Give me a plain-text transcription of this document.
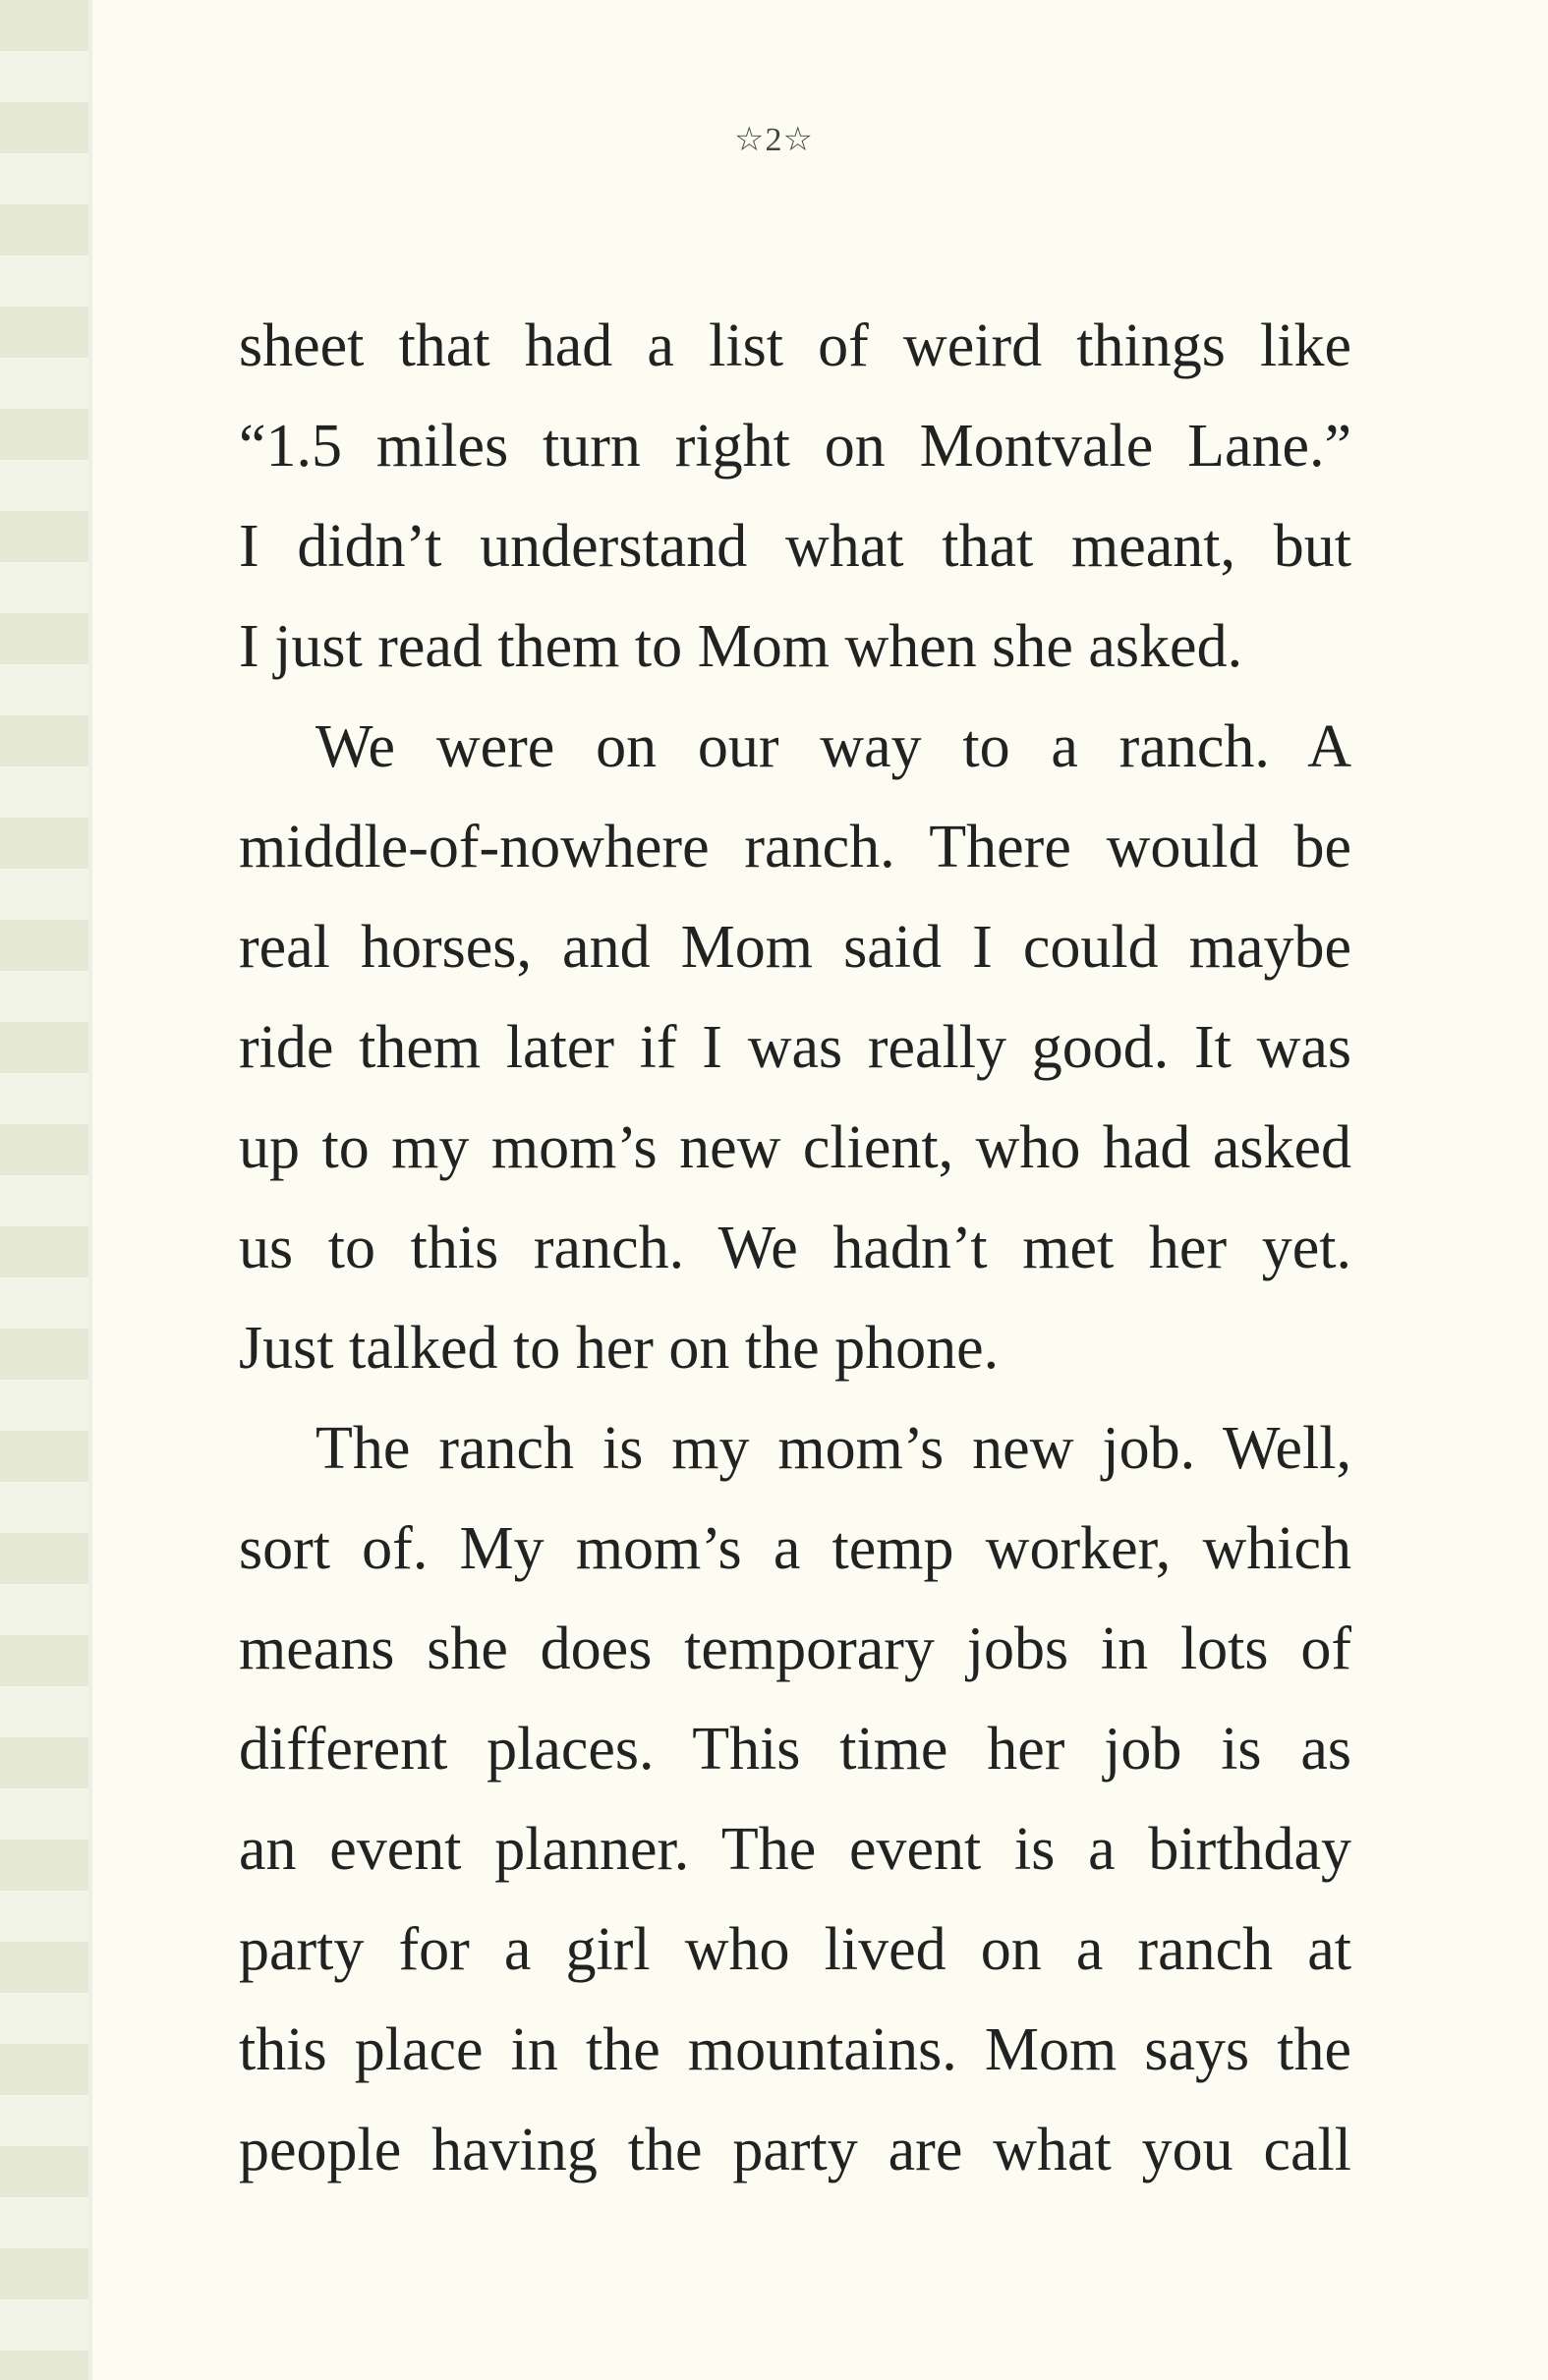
☆2☆
sheet that had a list of weird things like
“1.5 miles turn right on Montvale Lane.”
I didn’t understand what that meant, but
I just read them to Mom when she asked.
We were on our way to a ranch. A
middle-of-nowhere ranch. There would be
real horses, and Mom said I could maybe
ride them later if I was really good. It was
up to my mom’s new client, who had asked
us to this ranch. We hadn’t met her yet.
Just talked to her on the phone.
The ranch is my mom’s new job. Well,
sort of. My mom’s a temp worker, which
means she does temporary jobs in lots of
different places. This time her job is as
an event planner. The event is a birthday
party for a girl who lived on a ranch at
this place in the mountains. Mom says the
people having the party are what you call
